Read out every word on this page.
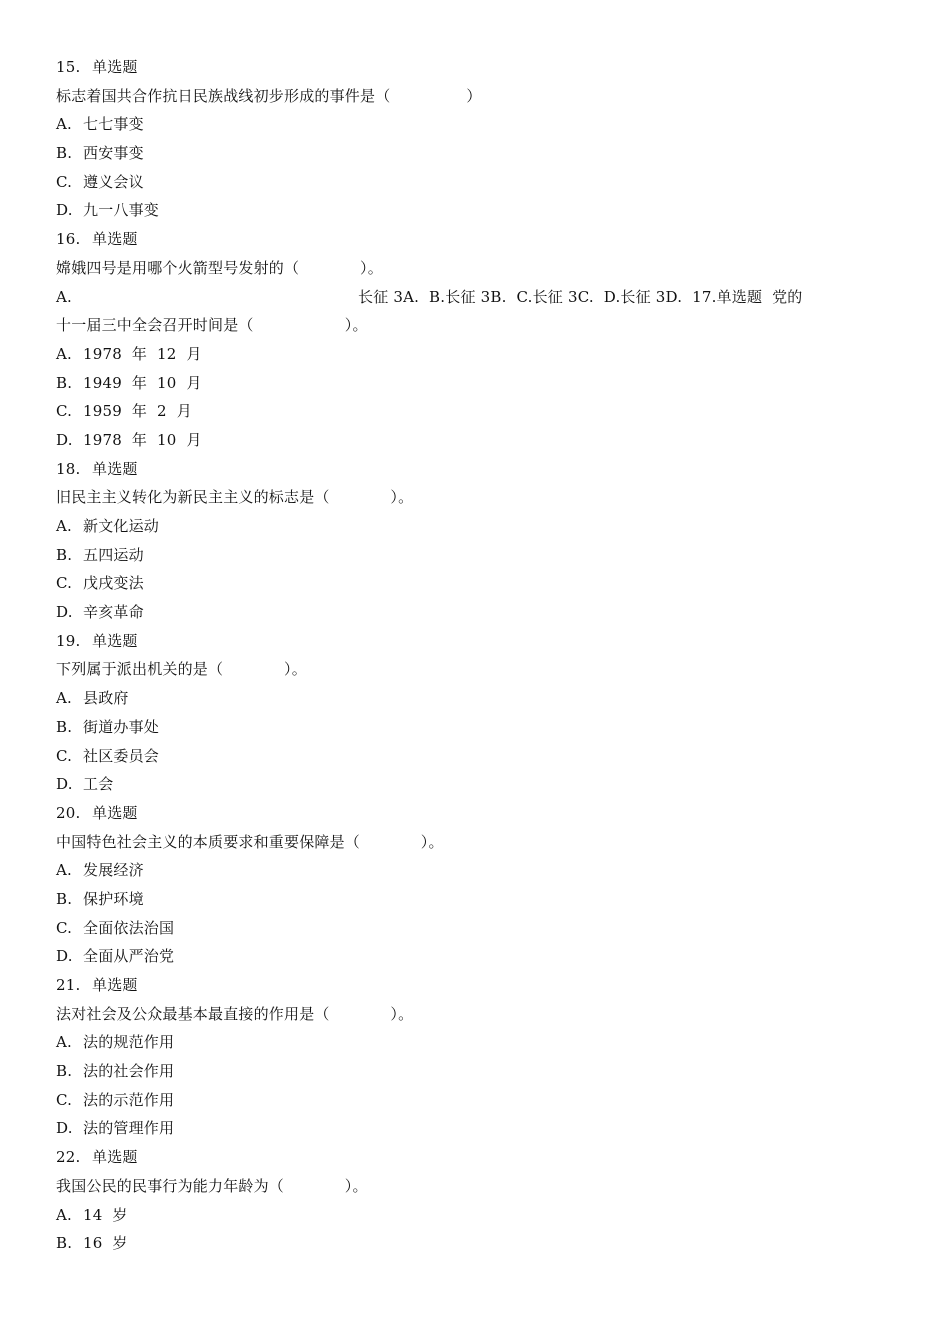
15. 单选题
标志着国共合作抗日民族战线初步形成的事件是（　　　　　）
A. 七七事变
B. 西安事变
C. 遵义会议
D. 九一八事变
16. 单选题
嫦娥四号是用哪个火箭型号发射的（　　　　）。
A.	长征 3A.  B.长征 3B.  C.长征 3C.  D.长征 3D.  17.单选题  党的
十一届三中全会召开时间是（　　　　　　）。
A. 1978  年  12  月
B. 1949  年  10  月
C. 1959  年  2  月
D. 1978  年  10  月
18. 单选题
旧民主主义转化为新民主主义的标志是（　　　　）。
A. 新文化运动
B. 五四运动
C. 戊戌变法
D. 辛亥革命
19. 单选题
下列属于派出机关的是（　　　　）。
A. 县政府
B. 街道办事处
C. 社区委员会
D. 工会
20. 单选题
中国特色社会主义的本质要求和重要保障是（　　　　）。
A. 发展经济
B. 保护环境
C. 全面依法治国
D. 全面从严治党
21. 单选题
法对社会及公众最基本最直接的作用是（　　　　）。
A. 法的规范作用
B. 法的社会作用
C. 法的示范作用
D. 法的管理作用
22. 单选题
我国公民的民事行为能力年龄为（　　　　）。
A. 14  岁
B. 16  岁
